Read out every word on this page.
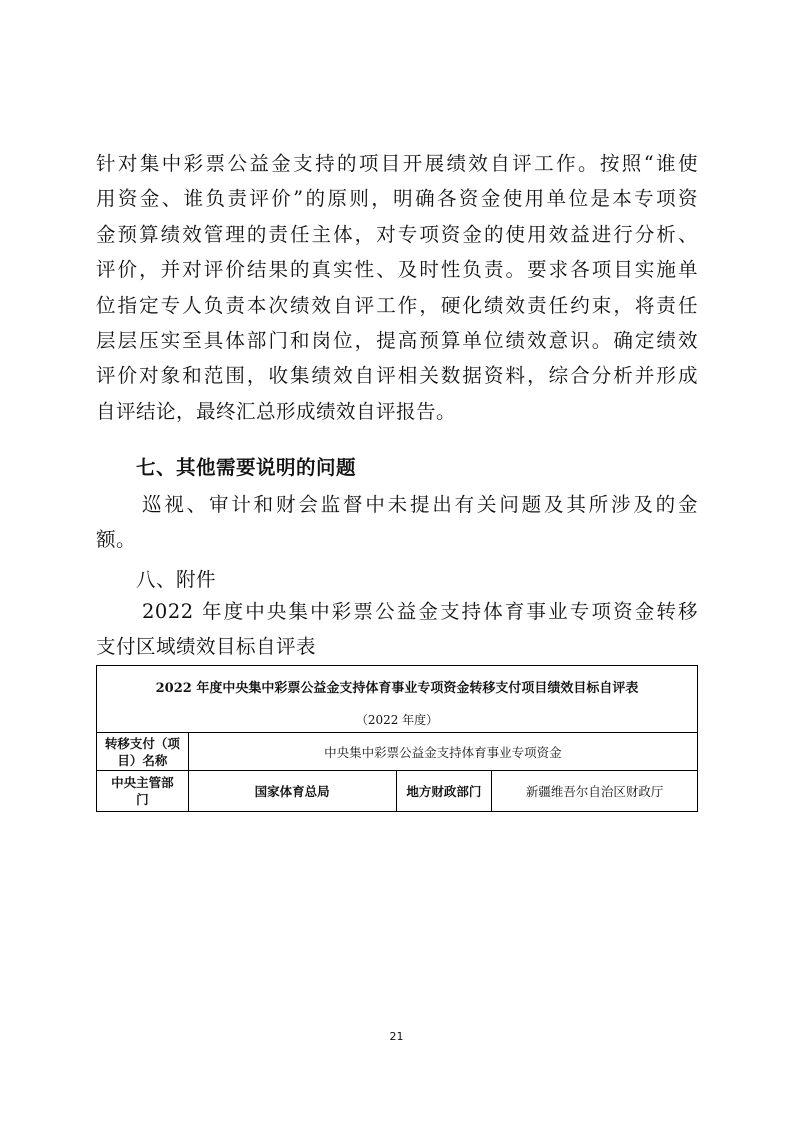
针对集中彩票公益金支持的项目开展绩效自评工作。按照“谁使
用资金、谁负责评价”的原则，明确各资金使用单位是本专项资
金预算绩效管理的责任主体，对专项资金的使用效益进行分析、
评价，并对评价结果的真实性、及时性负责。要求各项目实施单
位指定专人负责本次绩效自评工作，硬化绩效责任约束，将责任
层层压实至具体部门和岗位，提高预算单位绩效意识。确定绩效
评价对象和范围，收集绩效自评相关数据资料，综合分析并形成
自评结论，最终汇总形成绩效自评报告。
七、其他需要说明的问题
巡视、审计和财会监督中未提出有关问题及其所涉及的金
额。
八、附件
2022 年度中央集中彩票公益金支持体育事业专项资金转移
支付区域绩效目标自评表
2022 年度中央集中彩票公益金支持体育事业专项资金转移支付项目绩效目标自评表			
（2022 年度）			

转移支付（项
目）名称	中央集中彩票公益金支持体育事业专项资金		

中央主管部
门	国家体育总局	地方财政部门	新疆维吾尔自治区财政厅
21
